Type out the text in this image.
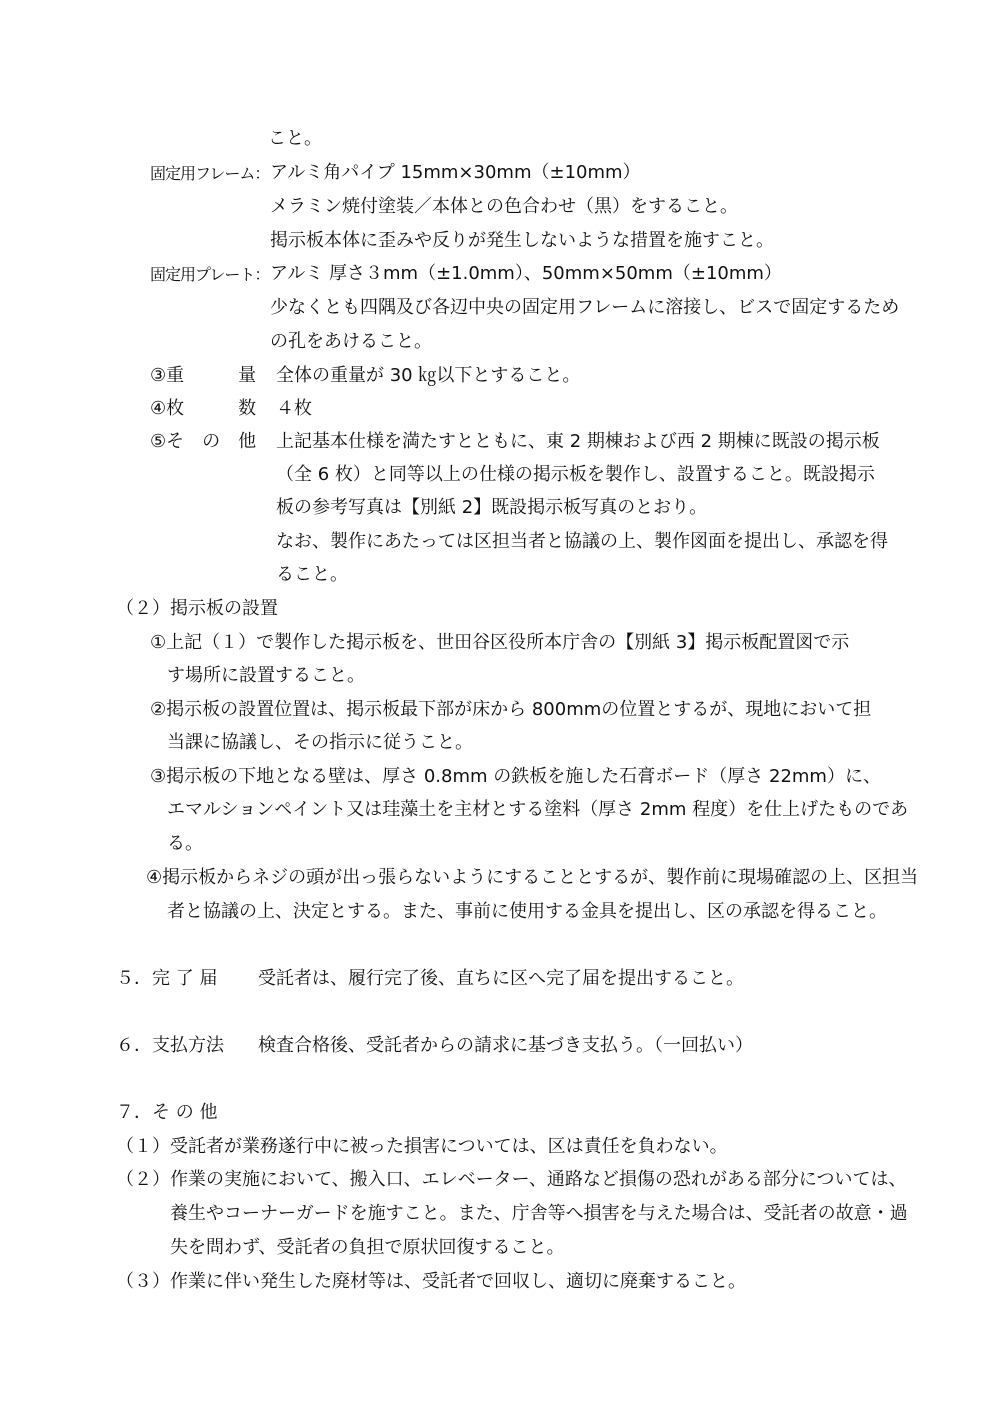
こと。
固定用フレーム： アルミ角パイプ 15mm×30mm（±10mm）
メラミン焼付塗装／本体との色合わせ（黒）をすること。
掲示板本体に歪みや反りが発生しないような措置を施すこと。
固定用プレート： アルミ 厚さ３mm（±1.0mm）、50mm×50mm（±10mm）
少なくとも四隅及び各辺中央の固定用フレームに溶接し、ビスで固定するため
の孔をあけること。
③重　　　量 全体の重量が 30 ㎏以下とすること。
④枚　　　数 ４枚
⑤そ　の　他 上記基本仕様を満たすとともに、東 2 期棟および西 2 期棟に既設の掲示板
（全 6 枚）と同等以上の仕様の掲示板を製作し、設置すること。既設掲示
板の参考写真は【別紙 2】既設掲示板写真のとおり。
なお、製作にあたっては区担当者と協議の上、製作図面を提出し、承認を得
ること。
（２）掲示板の設置
①上記（１）で製作した掲示板を、世田谷区役所本庁舎の【別紙 3】掲示板配置図で示
す場所に設置すること。
②掲示板の設置位置は、掲示板最下部が床から 800mmの位置とするが、現地において担
当課に協議し、その指示に従うこと。
③掲示板の下地となる壁は、厚さ 0.8mm の鉄板を施した石膏ボード（厚さ 22mm）に、
エマルションペイント又は珪藻土を主材とする塗料（厚さ 2mm 程度）を仕上げたものであ
る。
④掲示板からネジの頭が出っ張らないようにすることとするが、製作前に現場確認の上、区担当
者と協議の上、決定とする。また、事前に使用する金具を提出し、区の承認を得ること。
５．完 了 届 受託者は、履行完了後、直ちに区へ完了届を提出すること。
６．支払方法 検査合格後、受託者からの請求に基づき支払う。（一回払い）
７．そ の 他
（１）受託者が業務遂行中に被った損害については、区は責任を負わない。
（２）作業の実施において、搬入口、エレベーター、通路など損傷の恐れがある部分については、
養生やコーナーガードを施すこと。また、庁舎等へ損害を与えた場合は、受託者の故意・過
失を問わず、受託者の負担で原状回復すること。
（３）作業に伴い発生した廃材等は、受託者で回収し、適切に廃棄すること。
